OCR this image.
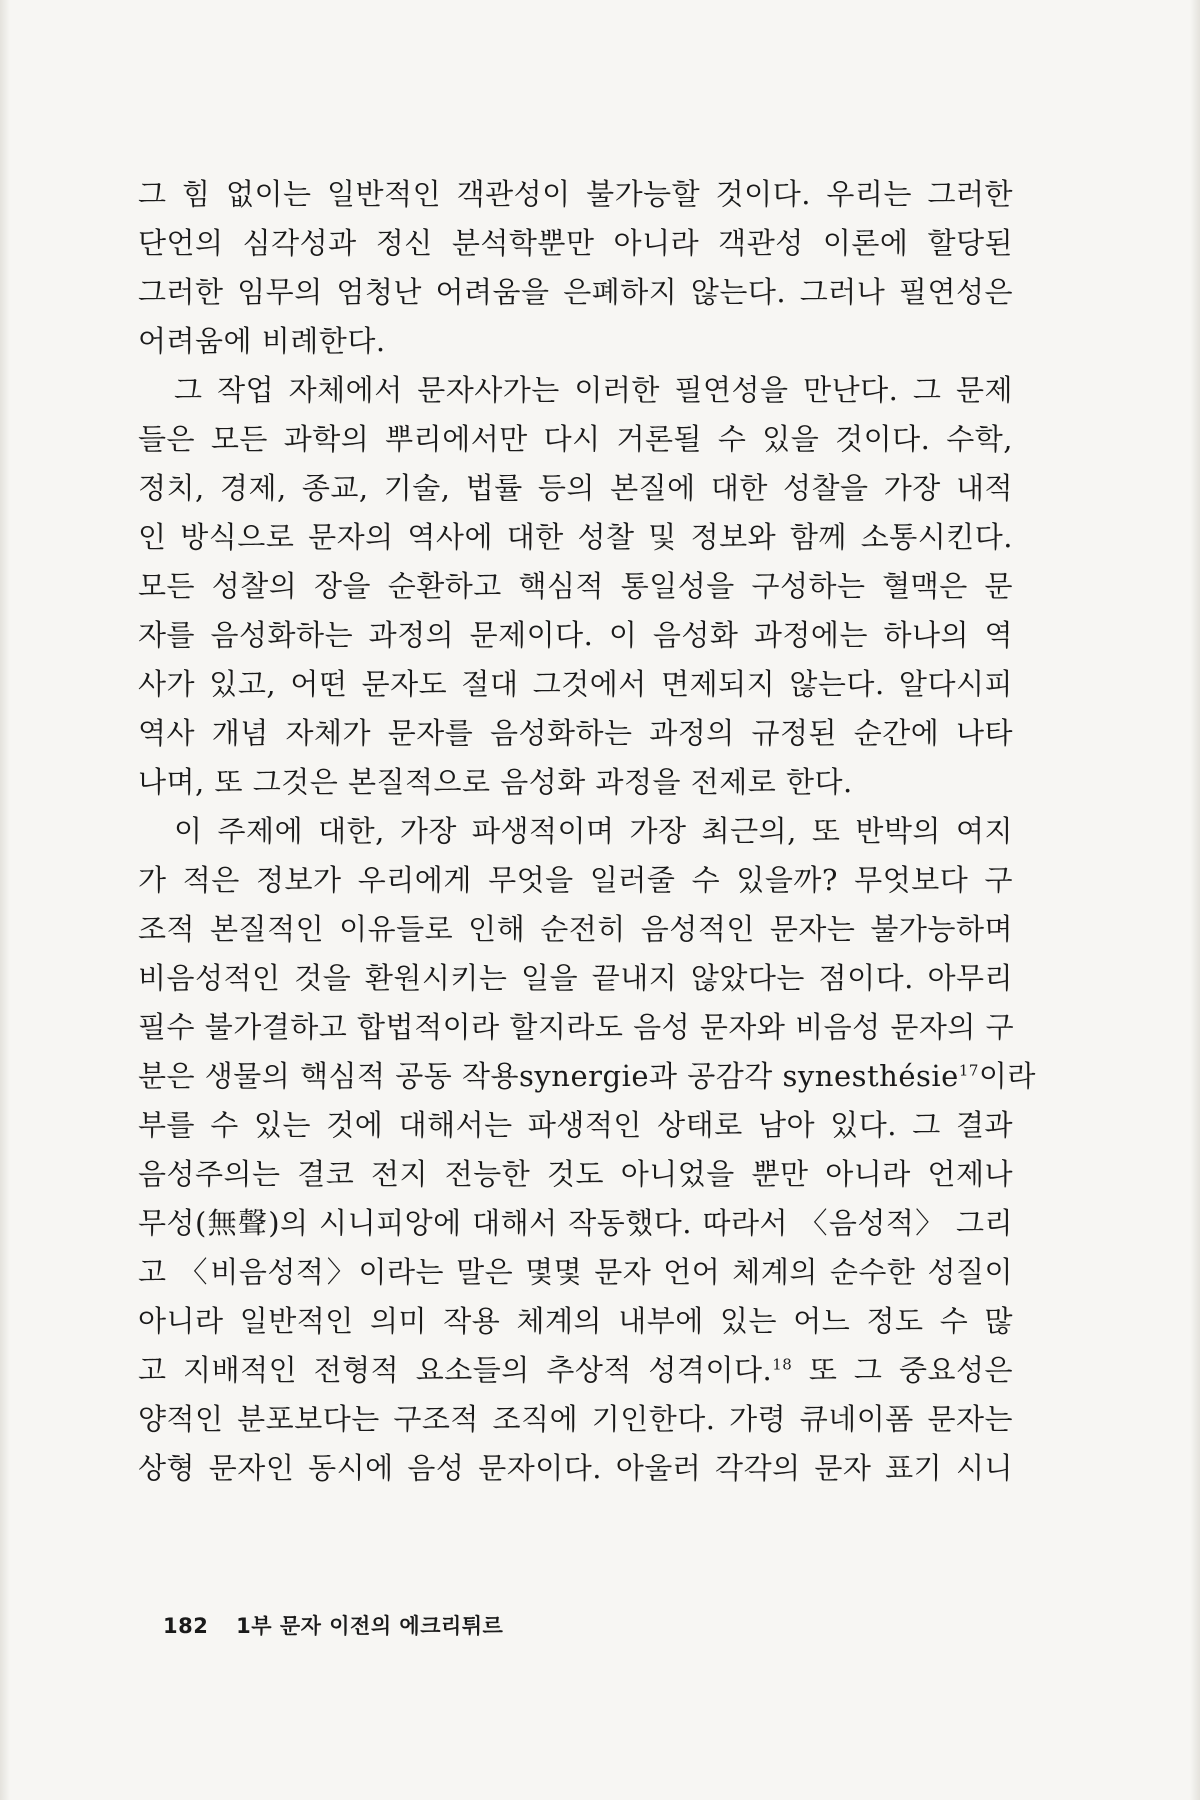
그 힘 없이는 일반적인 객관성이 불가능할 것이다. 우리는 그러한
단언의 심각성과 정신 분석학뿐만 아니라 객관성 이론에 할당된
그러한 임무의 엄청난 어려움을 은폐하지 않는다. 그러나 필연성은
어려움에 비례한다.
그 작업 자체에서 문자사가는 이러한 필연성을 만난다. 그 문제
들은 모든 과학의 뿌리에서만 다시 거론될 수 있을 것이다. 수학,
정치, 경제, 종교, 기술, 법률 등의 본질에 대한 성찰을 가장 내적
인 방식으로 문자의 역사에 대한 성찰 및 정보와 함께 소통시킨다.
모든 성찰의 장을 순환하고 핵심적 통일성을 구성하는 혈맥은 문
자를 음성화하는 과정의 문제이다. 이 음성화 과정에는 하나의 역
사가 있고, 어떤 문자도 절대 그것에서 면제되지 않는다. 알다시피
역사 개념 자체가 문자를 음성화하는 과정의 규정된 순간에 나타
나며, 또 그것은 본질적으로 음성화 과정을 전제로 한다.
이 주제에 대한, 가장 파생적이며 가장 최근의, 또 반박의 여지
가 적은 정보가 우리에게 무엇을 일러줄 수 있을까? 무엇보다 구
조적 본질적인 이유들로 인해 순전히 음성적인 문자는 불가능하며
비음성적인 것을 환원시키는 일을 끝내지 않았다는 점이다. 아무리
필수 불가결하고 합법적이라 할지라도 음성 문자와 비음성 문자의 구
분은 생물의 핵심적 공동 작용synergie과 공감각 synesthésie$^{17}$이라
부를 수 있는 것에 대해서는 파생적인 상태로 남아 있다. 그 결과
음성주의는 결코 전지 전능한 것도 아니었을 뿐만 아니라 언제나
무성(無聲)의 시니피앙에 대해서 작동했다. 따라서 〈음성적〉 그리
고 〈비음성적〉이라는 말은 몇몇 문자 언어 체계의 순수한 성질이
아니라 일반적인 의미 작용 체계의 내부에 있는 어느 정도 수 많
고 지배적인 전형적 요소들의 추상적 성격이다.$^{18}$ 또 그 중요성은
양적인 분포보다는 구조적 조직에 기인한다. 가령 큐네이폼 문자는
상형 문자인 동시에 음성 문자이다. 아울러 각각의 문자 표기 시니
182 1부 문자 이전의 에크리튀르
